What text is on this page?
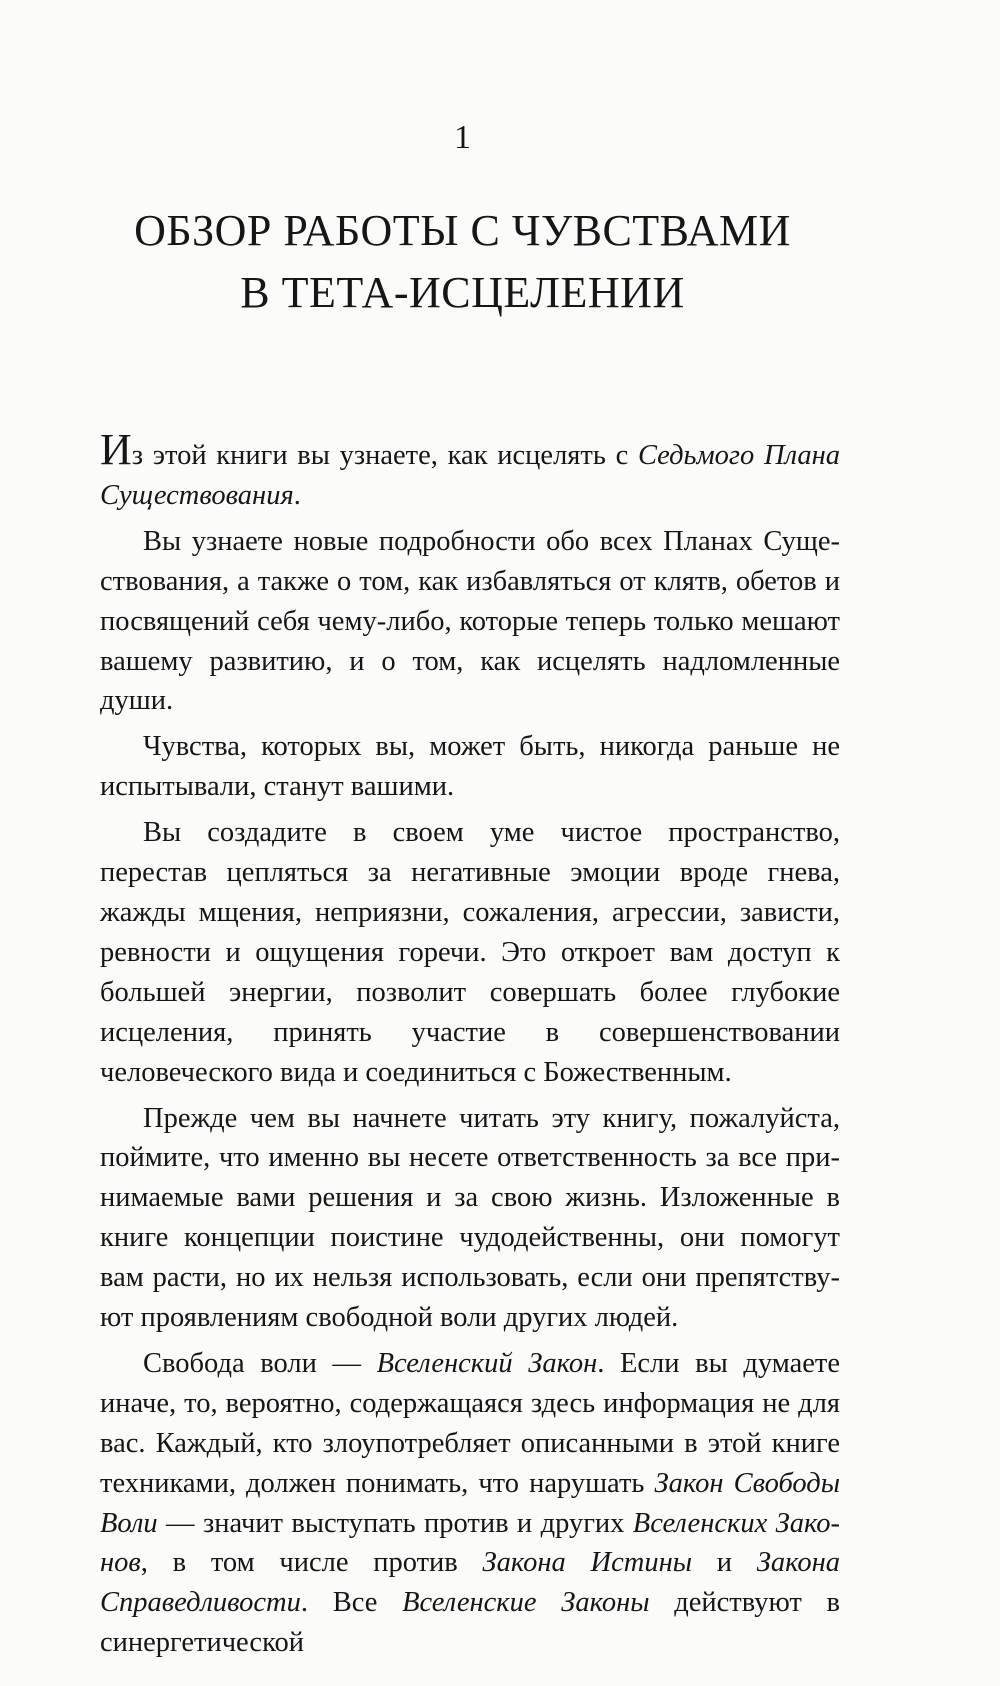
1
ОБЗОР РАБОТЫ С ЧУВСТВАМИ
В ТЕТА-ИСЦЕЛЕНИИ

Из этой книги вы узнаете, как исцелять с Седьмого Плана Существования.

Вы узнаете новые подробности обо всех Планах Существования, а также о том, как избавляться от клятв, обетов и посвящений себя чему-либо, которые теперь только мешают вашему развитию, и о том, как исцелять надломленные души.

Чувства, которых вы, может быть, никогда раньше не испытывали, станут вашими.

Вы создадите в своем уме чистое пространство, перестав цепляться за негативные эмоции вроде гнева, жажды мщения, неприязни, сожаления, агрессии, зависти, ревности и ощущения горечи. Это откроет вам доступ к большей энергии, позволит совершать более глубокие исцеления, принять участие в совершенствовании человеческого вида и соединиться с Божественным.

Прежде чем вы начнете читать эту книгу, пожалуйста, поймите, что именно вы несете ответственность за все принимаемые вами решения и за свою жизнь. Изложенные в книге концепции поистине чудодейственны, они помогут вам расти, но их нельзя использовать, если они препятствуют проявлениям свободной воли других людей.

Свобода воли — Вселенский Закон. Если вы думаете иначе, то, вероятно, содержащаяся здесь информация не для вас. Каждый, кто злоупотребляет описанными в этой книге техниками, должен понимать, что нарушать Закон Свободы Воли — значит выступать против и других Вселенских Законов, в том числе против Закона Истины и Закона Справедливости. Все Вселенские Законы действуют в синергетической
